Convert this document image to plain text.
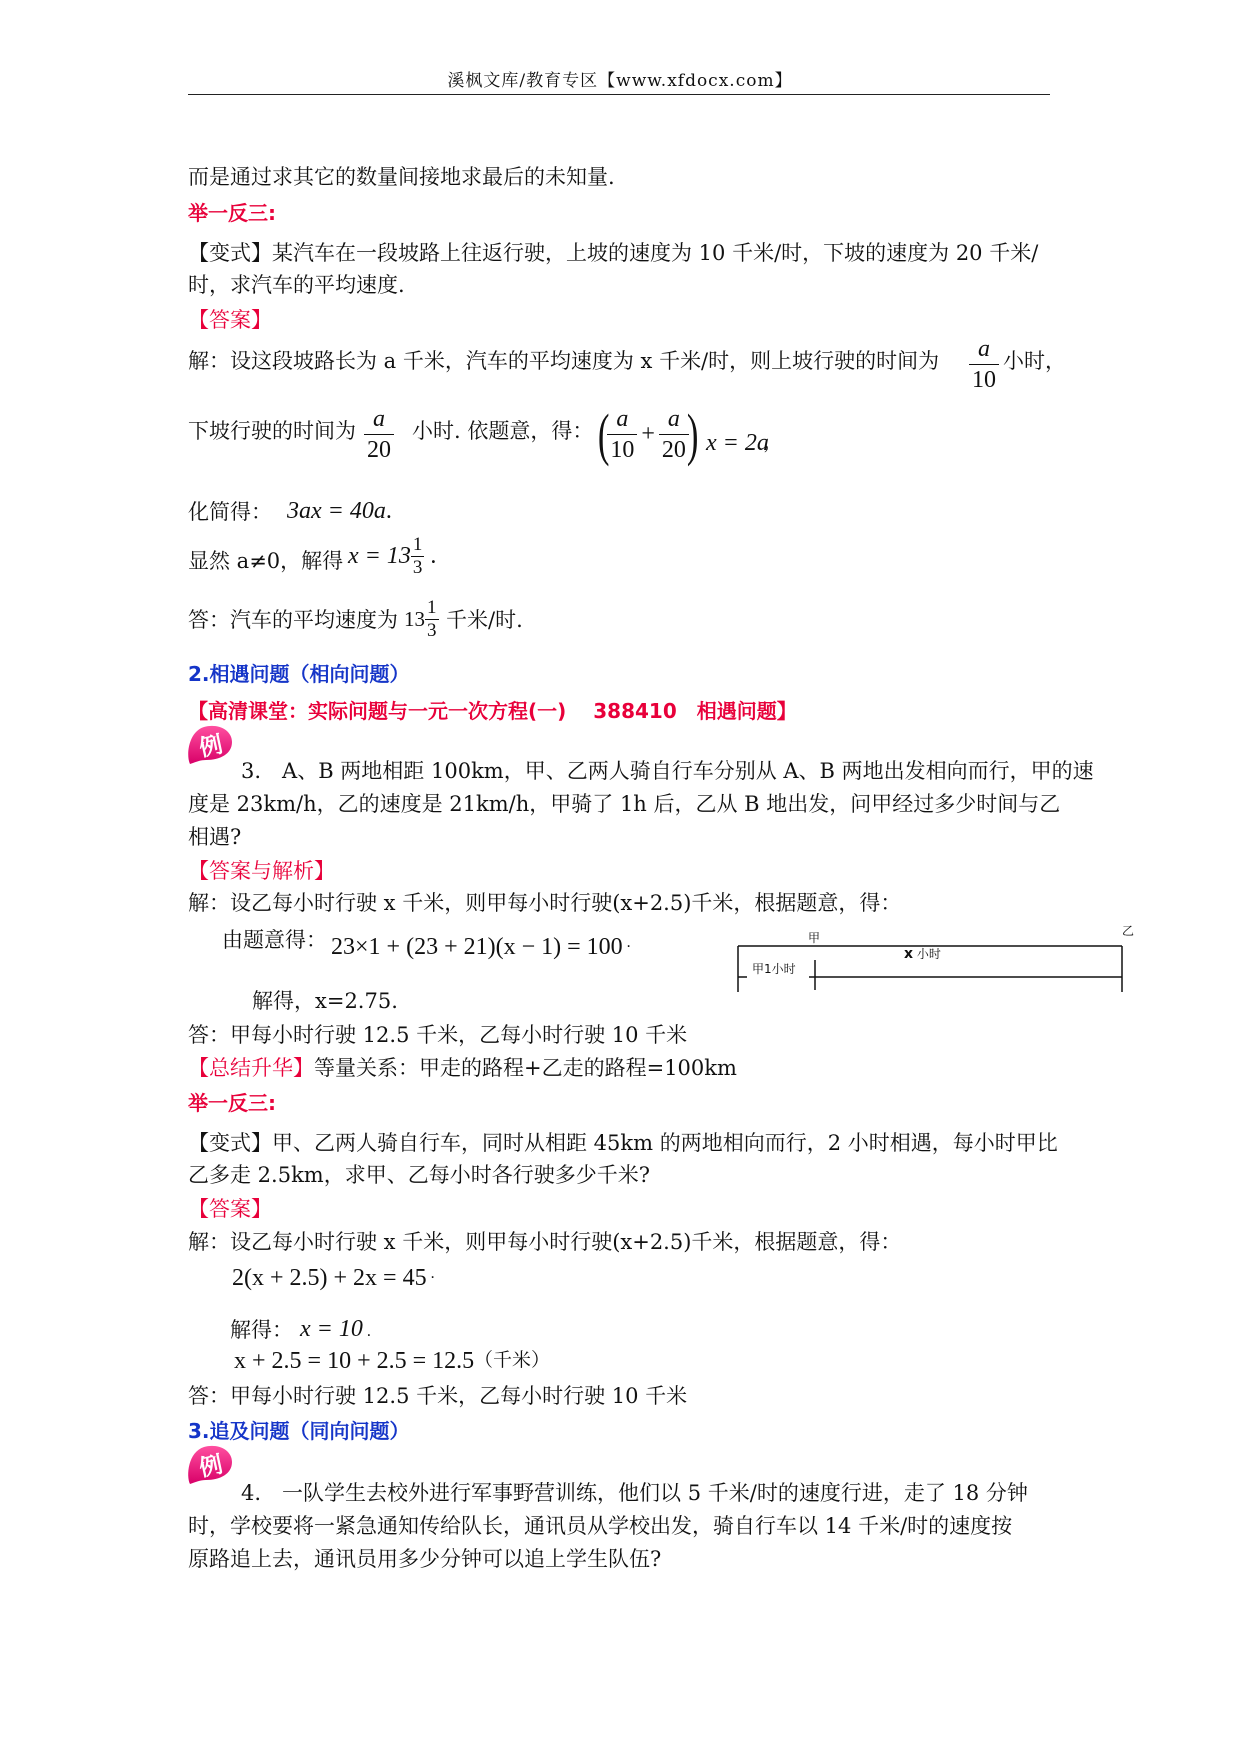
溪枫文库/教育专区【www.xfdocx.com】
而是通过求其它的数量间接地求最后的未知量.
举一反三:
【变式】某汽车在一段坡路上往返行驶，上坡的速度为 10 千米/时，下坡的速度为 20 千米/
时，求汽车的平均速度.
【答案】
解：设这段坡路长为 a 千米，汽车的平均速度为 x 千米/时，则上坡行驶的时间为 $\frac{a}{10}$ 小时，
下坡行驶的时间为 $\frac{a}{20}$ 小时. 依题意，得： (
$\frac{a}{10} + \frac{a}{20}$
) x = 2a
，
化简得： 3ax = 40a.
显然 a≠0，解得 $x = 13 \frac{1}{3}$ .
答：汽车的平均速度为 $13 \frac{1}{3}$ 千米/时.
2.相遇问题（相向问题）
【高清课堂：实际问题与一元一次方程(一)　 388410　相遇问题】
例
3.　A、B 两地相距 100km，甲、乙两人骑自行车分别从 A、B 两地出发相向而行，甲的速
度是 23km/h，乙的速度是 21km/h，甲骑了 1h 后，乙从 B 地出发，问甲经过多少时间与乙
相遇?
【答案与解析】
解：设乙每小时行驶 x 千米，则甲每小时行驶(x+2.5)千米，根据题意，得：
由题意得： 23×1 + (23 + 21)(x − 1) = 100 .	甲	乙
x 小时
甲1小时
解得，x=2.75.
答：甲每小时行驶 12.5 千米，乙每小时行驶 10 千米
【总结升华】等量关系：甲走的路程+乙走的路程=100km
举一反三:
【变式】甲、乙两人骑自行车，同时从相距 45km 的两地相向而行，2 小时相遇，每小时甲比
乙多走 2.5km，求甲、乙每小时各行驶多少千米?
【答案】
解：设乙每小时行驶 x 千米，则甲每小时行驶(x+2.5)千米，根据题意，得：
2(x + 2.5) + 2x = 45 .
解得： x = 10 .
x + 2.5 = 10 + 2.5 = 12.5 （千米）
答：甲每小时行驶 12.5 千米，乙每小时行驶 10 千米
3.追及问题（同向问题）
例
4.　一队学生去校外进行军事野营训练，他们以 5 千米/时的速度行进，走了 18 分钟
时，学校要将一紧急通知传给队长，通讯员从学校出发，骑自行车以 14 千米/时的速度按
原路追上去，通讯员用多少分钟可以追上学生队伍?
